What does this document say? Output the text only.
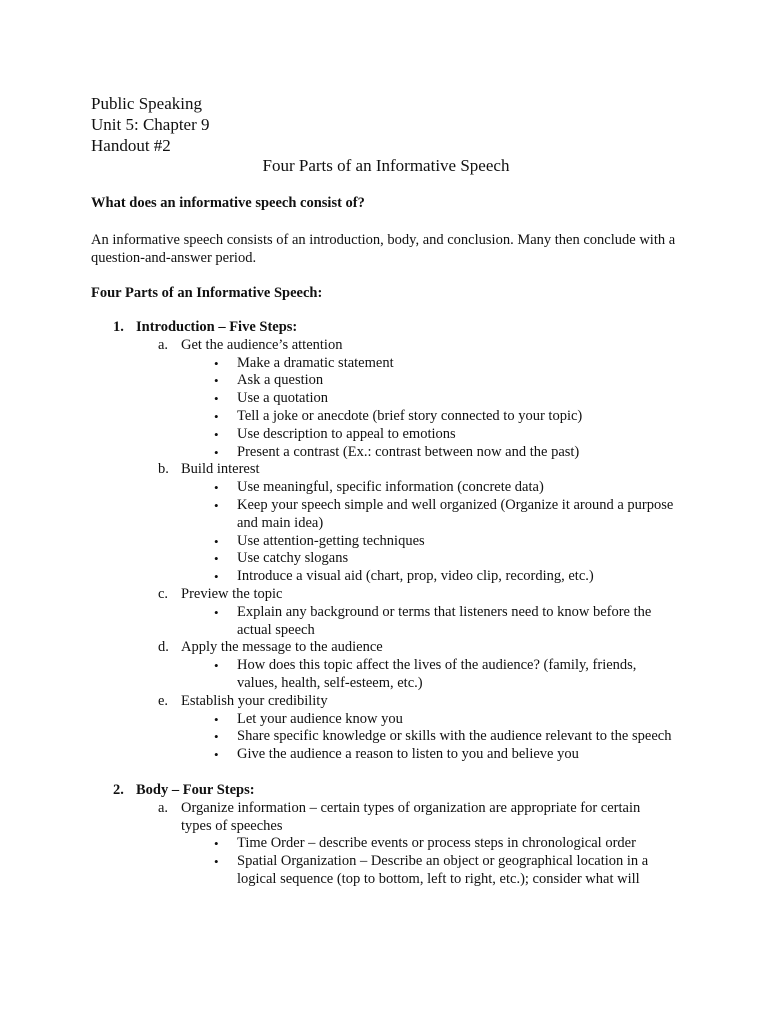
Public Speaking
Unit 5: Chapter 9
Handout #2
Four Parts of an Informative Speech
What does an informative speech consist of?

An informative speech consists of an introduction, body, and conclusion. Many then conclude with a question-and-answer period.

Four Parts of an Informative Speech:
1. Introduction – Five Steps:
a. Get the audience’s attention
• Make a dramatic statement
• Ask a question
• Use a quotation
• Tell a joke or anecdote (brief story connected to your topic)
• Use description to appeal to emotions
• Present a contrast (Ex.: contrast between now and the past)
b. Build interest
• Use meaningful, specific information (concrete data)
• Keep your speech simple and well organized (Organize it around a purpose and main idea)
• Use attention-getting techniques
• Use catchy slogans
• Introduce a visual aid (chart, prop, video clip, recording, etc.)
c. Preview the topic
• Explain any background or terms that listeners need to know before the actual speech
d. Apply the message to the audience
• How does this topic affect the lives of the audience? (family, friends, values, health, self-esteem, etc.)
e. Establish your credibility
• Let your audience know you
• Share specific knowledge or skills with the audience relevant to the speech
• Give the audience a reason to listen to you and believe you
2. Body – Four Steps:
a. Organize information – certain types of organization are appropriate for certain types of speeches
• Time Order – describe events or process steps in chronological order
• Spatial Organization – Describe an object or geographical location in a logical sequence (top to bottom, left to right, etc.); consider what will
